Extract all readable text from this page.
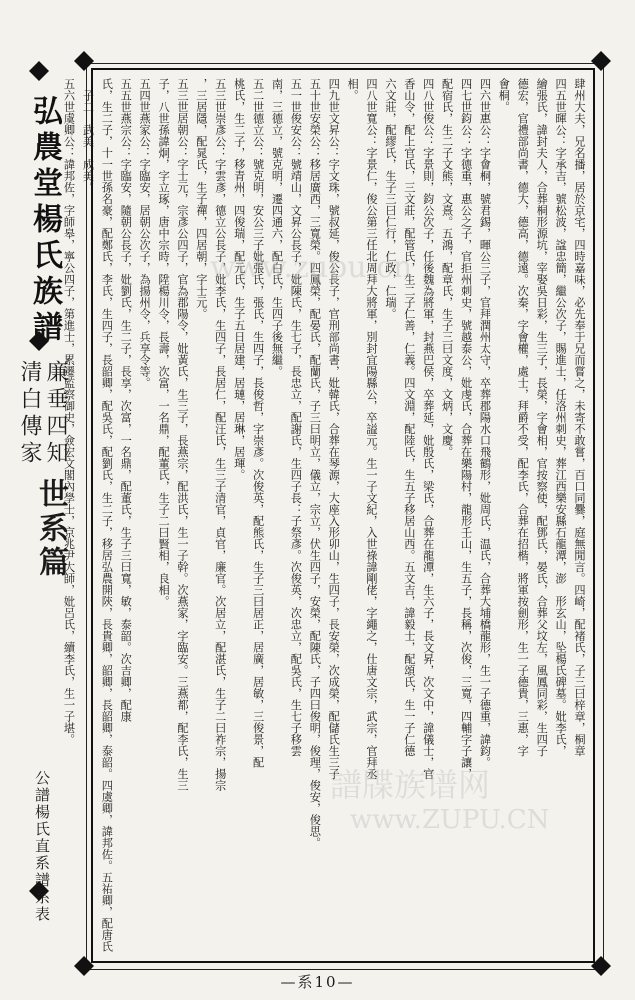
弘農堂楊氏族譜
廉垂四知
清白傳家
世系篇
公譜楊氏直系譜系表

肆州大夫，兄名播，居於京宅，四時嘉味，必先奉于兄而嘗之，未寄不敢嘗，百口同爨，庭無閒言。四崎，配褚氏，子三曰梓章，桐章

四五世暉公：字承吉，號松波，諡忠簡，繼公次子，賜進士，任洛州刺史，葬江西樂安縣石龍潭，澎　形玄山，坠楊氏碑墓。妣李氏，

繪張氏，諱封夫人，合葬桐形源坑，宰娶吳日彩，生三子，長榮，字會相，官按察使，配鄧氏，晏氏，合葬父坟左，風鳳同彩，生四子

德宏，官禮部尚書，德大，德高，德遠。次秦，字會權，處士，拜爵不受，配李氏，合葬在招楷，將軍按劍形，生一子德貴，三惠，字

會桐。

四六世惠公：字會桐，號君錫，暉公三子，官拜潤州太守，卒葬郡陽水口飛鶴形，妣周氏，温氏，合葬大埔橋龍形，生一子德重，諱鈞。

四七世鈞公：字德重，惠公之子，官拒州刺史，號越泰公，妣虔氏，合葬在樂陽村，龍形壬山，生五子，長稱，次俊，三寬，四輔字子讓，

配宿氏，生二子文熊，文熹。五鴻，配章氏，生子三曰文度，文炳，文慶。

四八世俊公：字景則，鈞公次子，任後魏為將軍，封燕巴侯，卒葬延，妣殷氏，梁氏，合葬在龍潭，生六子，長文昇，次文中，諱儀士，官

香山令，配上官氏，三文莊，配管氏，生二子仁善，仁義。四文淵，配陸氏，生五子移居山西。五文吉，諱毅士，配頌氏，生一子仁德

六文莊，配繆氏，生子三曰仁行，仁政，仁瑞。

四八世寬公：字景仁，俊公第三任北周拜大將軍，別封宜陽縣公，卒謚元。生一子文紀，入世祿諱剛佬，字繩之，仕唐文宗，武宗，官拜丞

相。

四九世文昇公：字文珠，號叔延，俊公長子，官刑部尚書，妣韓氏，合葬在琴源，大座入形卯山，生四子，長安榮，次成榮，配儲氏生三子

五十世安榮公：移居廣西，三寬榮。四鳳榮，配晏氏，配蘭氏，子三曰明立，儀立，宗立，伏生四子，安榮，配陳氏，子四曰俊明，俊理，俊安，俊思。

五一世俊安公：號靖山，文昇公長子，妣陳氏，生七子，長忠立，配謝氏，生四子長：子祭彥。次俊英，次忠立，配吳氏，生七子移雲

南，三德立，號克明，遷四通六，配白氏，生四子後無繼。

五二世德立公：號克明，安公三子妣張氏，張氏，生四子，長俊哲，字崇彥。次俊英，配熊氏，生子三曰居正，居廣，居敏，三俊景，配

桃氏，生二子，移青州，四俊瑞，配元氏，生子五日居建，居璉，居琳，居琿。

五三世崇彥公：字雲彥，德立公長子，妣李氏，生四子，長居仁，配汪氏，生三子清官，貞官，廉官。次居立，配湛氏，生子二曰祚宗，揚宗

，三居隱，配晁氏，生子禪，四居朝，字士元。

五三世居朝公：字士元，宗彥公四子，官為郡陽令，妣黃氏，生三子，長燕宗，配洪氏，生一子幹。次燕家，字臨安。三燕都，配李氏，生三

子，八世孫諱炯，字立琢，唐中宗時，陞楊川令，長壽，次富，一名鼎，配董氏，生子二曰賢相，良相。

五四世燕家公：字臨安，居朝公次子，為揚州令，兵享令等。

五五世燕宗公：字臨安，隨朝公長子，妣劉氏，生二子，長享，次富，一名鼎，配董氏，生子三曰寬，敏，泰韶。次吉卿，配康

氏，生二子，十一世孫名豪，配鄭氏，李氏，生四子，長韶卿，配吳氏，配劉氏，生二子，移居弘農開陝，長貴卿，韶卿，長韶卿，泰韶。四虞卿，諱邦佐。五祐卿，配唐氏

，子二，武美，成美。

五六世虞卿公：諱邦佐，字師皋，寧公四子，第進士，累遷監察御史，僉宏文閣內學士，京兆尹大師，妣呂氏，續李氏，生一子堪。	www.zupu.cn
譜牒族谱网
www.ZUPU.CN
—系10—
